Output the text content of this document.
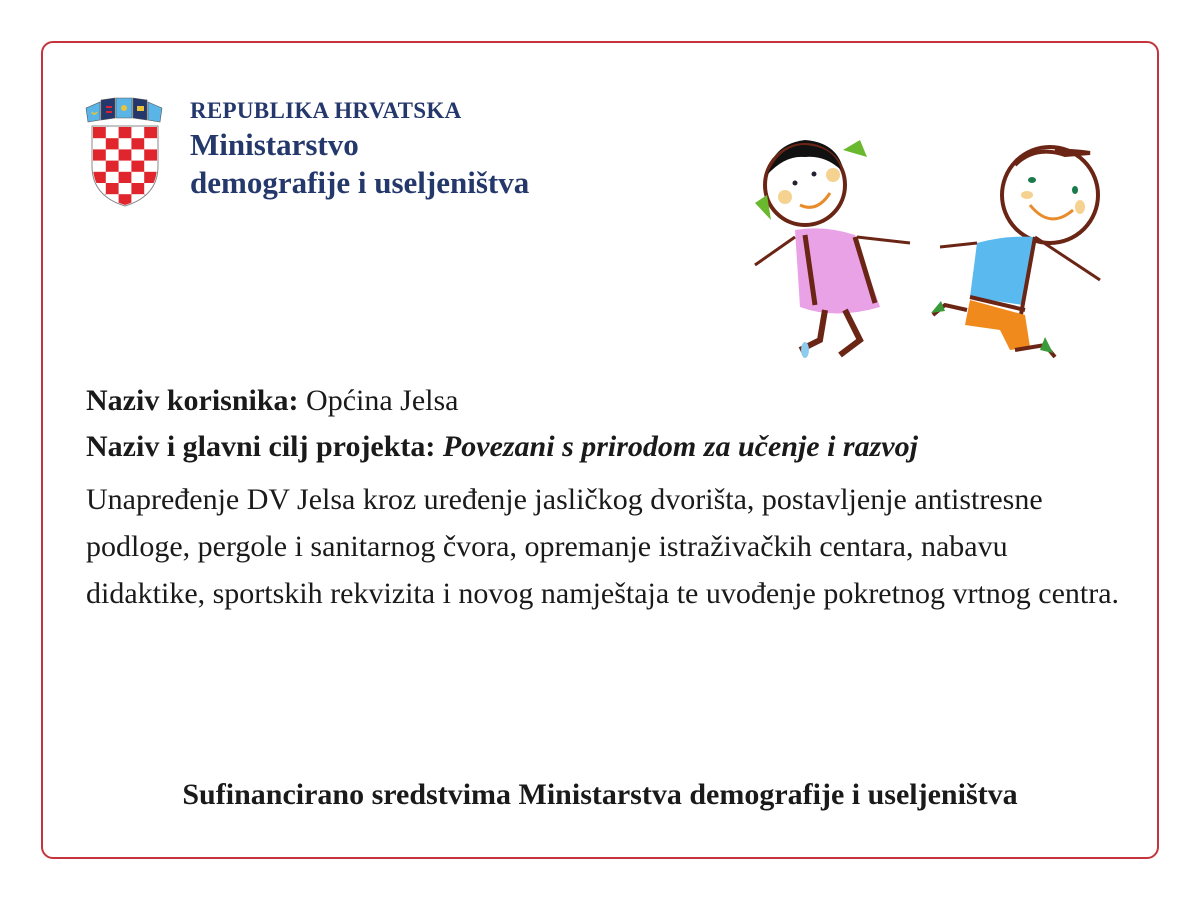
REPUBLIKA HRVATSKA
Ministarstvo
demografije i useljeništva
Naziv korisnika: Općina Jelsa
Naziv i glavni cilj projekta: Povezani s prirodom za učenje i razvoj
Unapređenje DV Jelsa kroz uređenje jasličkog dvorišta, postavljenje antistresne podloge, pergole i sanitarnog čvora, opremanje istraživačkih centara, nabavu didaktike, sportskih rekvizita i novog namještaja te uvođenje pokretnog vrtnog centra.
Sufinancirano sredstvima Ministarstva demografije i useljeništva
